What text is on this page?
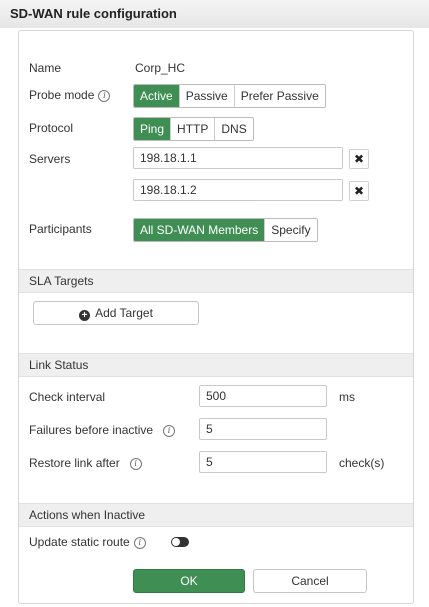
SD-WAN rule configuration
Name	Corp_HC
Probe mode i	Active	Passive	Prefer Passive
Protocol	Ping	HTTP	DNS
Servers	198.18.1.1	✖
198.18.1.2	✖
Participants	All SD-WAN Members	Specify
SLA Targets
+ Add Target
Link Status
Check interval	500	ms
Failures before inactive i	5
Restore link after i	5	check(s)
Actions when Inactive
Update static route i
OK	Cancel
